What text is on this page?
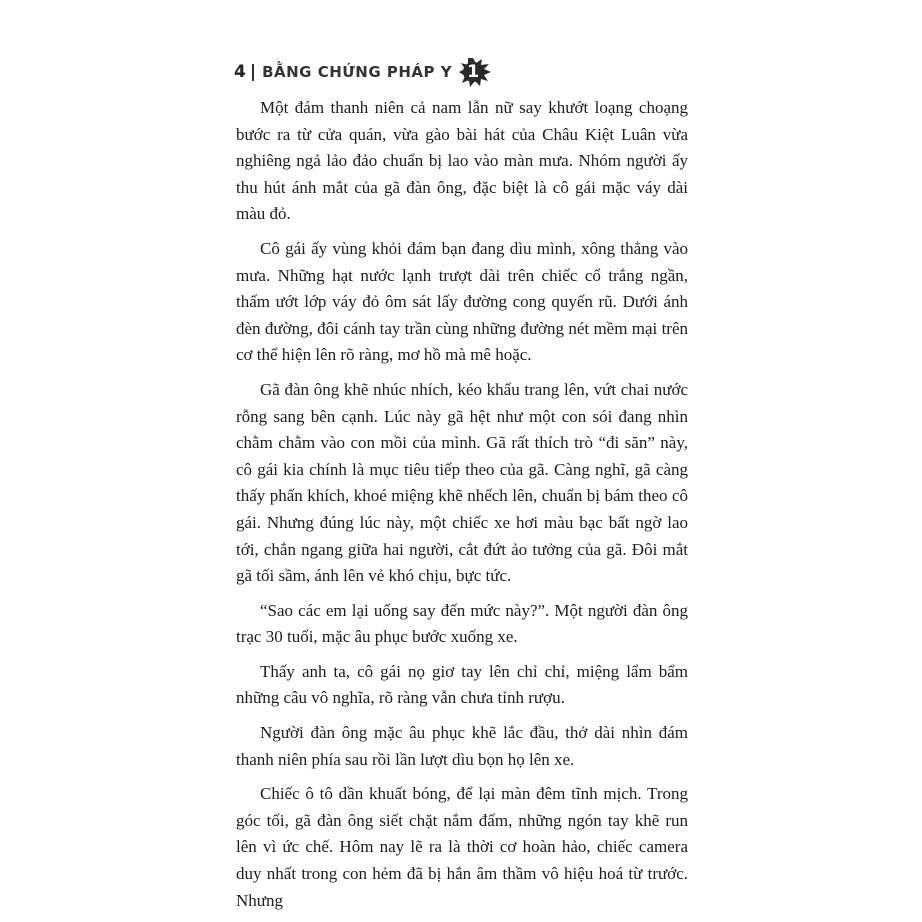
4 | BẰNG CHỨNG PHÁP Y 1

Một đám thanh niên cả nam lẫn nữ say khướt loạng choạng bước ra từ cửa quán, vừa gào bài hát của Châu Kiệt Luân vừa nghiêng ngả lảo đảo chuẩn bị lao vào màn mưa. Nhóm người ấy thu hút ánh mắt của gã đàn ông, đặc biệt là cô gái mặc váy dài màu đỏ.

Cô gái ấy vùng khỏi đám bạn đang dìu mình, xông thẳng vào mưa. Những hạt nước lạnh trượt dài trên chiếc cổ trắng ngần, thấm ướt lớp váy đỏ ôm sát lấy đường cong quyến rũ. Dưới ánh đèn đường, đôi cánh tay trần cùng những đường nét mềm mại trên cơ thể hiện lên rõ ràng, mơ hồ mà mê hoặc.

Gã đàn ông khẽ nhúc nhích, kéo khẩu trang lên, vứt chai nước rỗng sang bên cạnh. Lúc này gã hệt như một con sói đang nhìn chằm chằm vào con mồi của mình. Gã rất thích trò “đi săn” này, cô gái kia chính là mục tiêu tiếp theo của gã. Càng nghĩ, gã càng thấy phấn khích, khoé miệng khẽ nhếch lên, chuẩn bị bám theo cô gái. Nhưng đúng lúc này, một chiếc xe hơi màu bạc bất ngờ lao tới, chắn ngang giữa hai người, cắt đứt ảo tưởng của gã. Đôi mắt gã tối sầm, ánh lên vẻ khó chịu, bực tức.

“Sao các em lại uống say đến mức này?”. Một người đàn ông trạc 30 tuổi, mặc âu phục bước xuống xe.

Thấy anh ta, cô gái nọ giơ tay lên chỉ chỉ, miệng lẩm bẩm những câu vô nghĩa, rõ ràng vẫn chưa tỉnh rượu.

Người đàn ông mặc âu phục khẽ lắc đầu, thở dài nhìn đám thanh niên phía sau rồi lần lượt dìu bọn họ lên xe.

Chiếc ô tô dần khuất bóng, để lại màn đêm tĩnh mịch. Trong góc tối, gã đàn ông siết chặt nắm đấm, những ngón tay khẽ run lên vì ức chế. Hôm nay lẽ ra là thời cơ hoàn hảo, chiếc camera duy nhất trong con hẻm đã bị hắn âm thầm vô hiệu hoá từ trước. Nhưng
